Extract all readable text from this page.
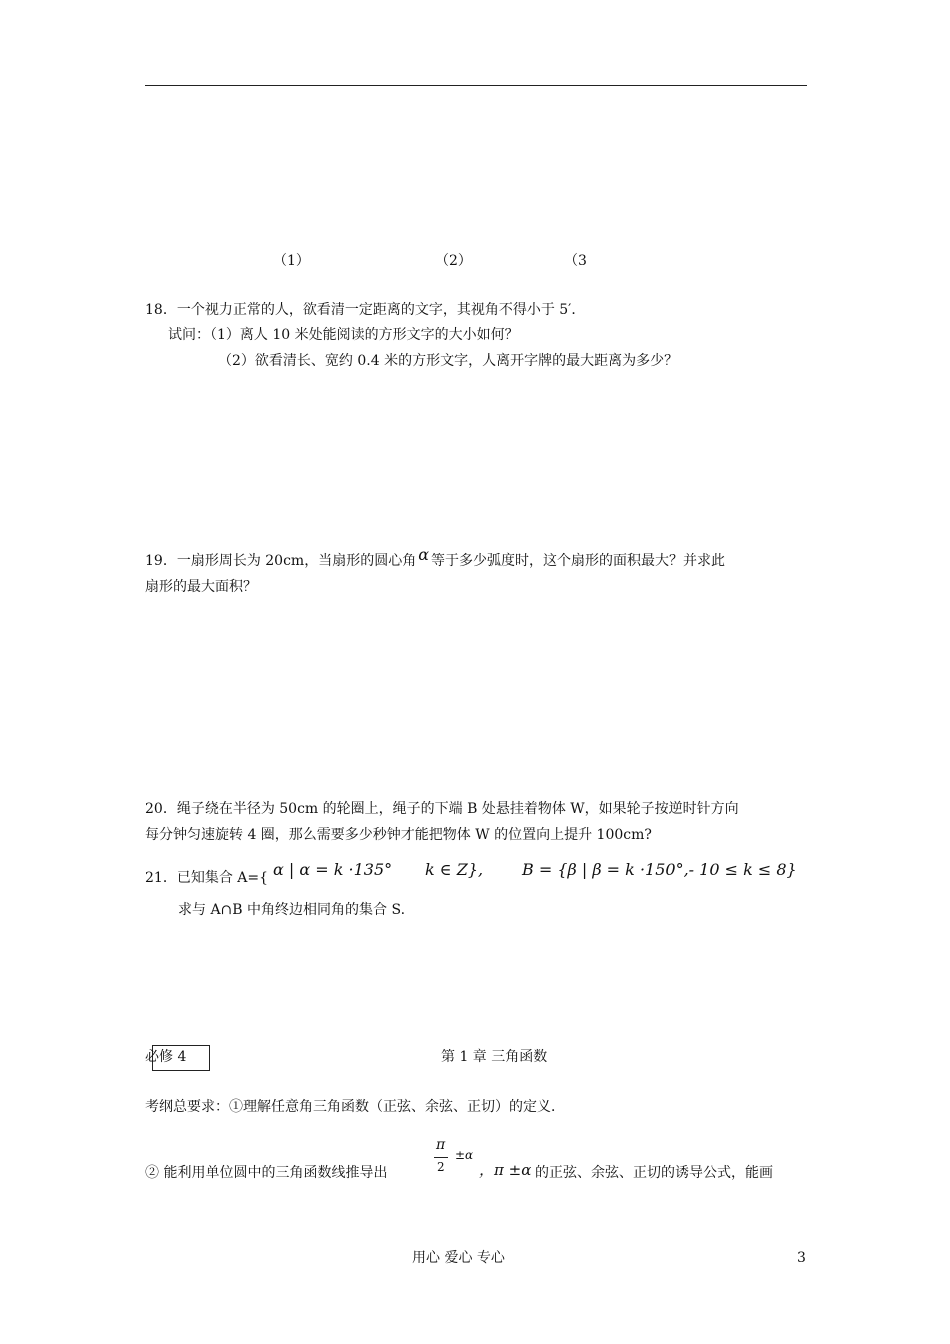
（1）	（2）	（3
18．一个视力正常的人，欲看清一定距离的文字，其视角不得小于 5′．
试问：（1）离人 10 米处能阅读的方形文字的大小如何？
（2）欲看清长、宽约 0.4 米的方形文字，人离开字牌的最大距离为多少？
19．一扇形周长为 20cm，当扇形的圆心角 α 等于多少弧度时，这个扇形的面积最大？并求此
扇形的最大面积？
20．绳子绕在半径为 50cm 的轮圈上，绳子的下端 B 处悬挂着物体 W，如果轮子按逆时针方向
每分钟匀速旋转 4 圈，那么需要多少秒钟才能把物体 W 的位置向上提升 100cm?
21．已知集合 A={ α | α = k ·135° k ∈ Z}, B = {β | β = k ·150°,- 10 ≤ k ≤ 8}
求与 A∩B 中角终边相同角的集合 S.
必修 4	第 1 章 三角函数
考纲总要求：①理解任意角三角函数（正弦、余弦、正切）的定义．
π
±α
2
② 能利用单位圆中的三角函数线推导出	，π ±α 的正弦、余弦、正切的诱导公式，能画
用心 爱心 专心	3
